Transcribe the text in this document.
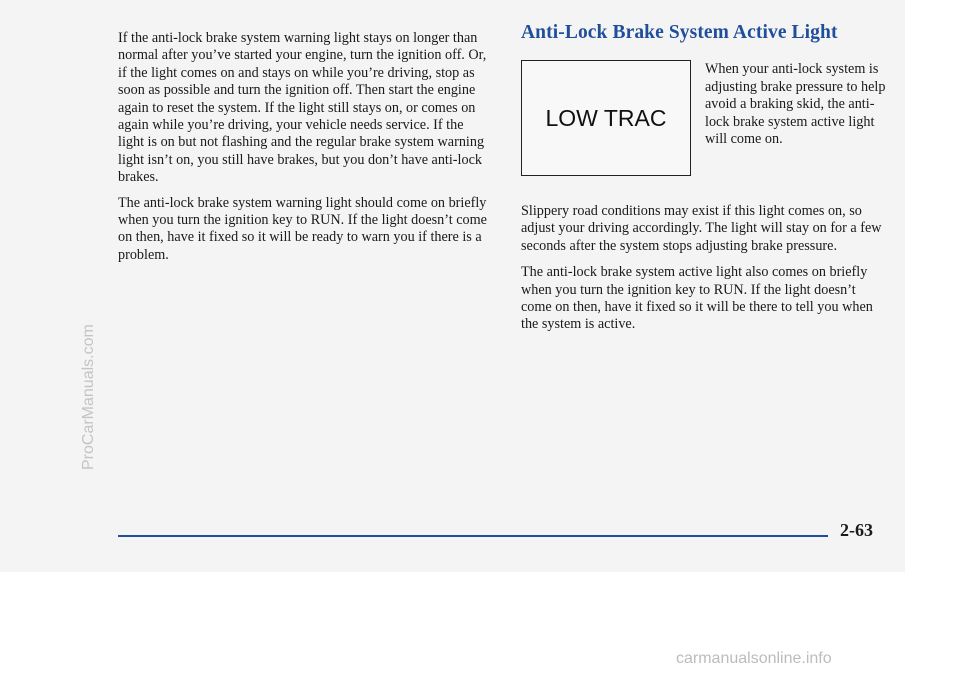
If the anti-lock brake system warning light stays on longer than normal after you’ve started your engine, turn the ignition off. Or, if the light comes on and stays on while you’re driving, stop as soon as possible and turn the ignition off. Then start the engine again to reset the system. If the light still stays on, or comes on again while you’re driving, your vehicle needs service. If the light is on but not flashing and the regular brake system warning light isn’t on, you still have brakes, but you don’t have anti-lock brakes.

The anti-lock brake system warning light should come on briefly when you turn the ignition key to RUN. If the light doesn’t come on then, have it fixed so it will be ready to warn you if there is a problem.

Anti-Lock Brake System Active Light
LOW TRAC

When your anti-lock system is adjusting brake pressure to help avoid a braking skid, the anti-lock brake system active light will come on.

Slippery road conditions may exist if this light comes on, so adjust your driving accordingly. The light will stay on for a few seconds after the system stops adjusting brake pressure.

The anti-lock brake system active light also comes on briefly when you turn the ignition key to RUN. If the light doesn’t come on then, have it fixed so it will be there to tell you when the system is active.

2-63
ProCarManuals.com
carmanualsonline.info
